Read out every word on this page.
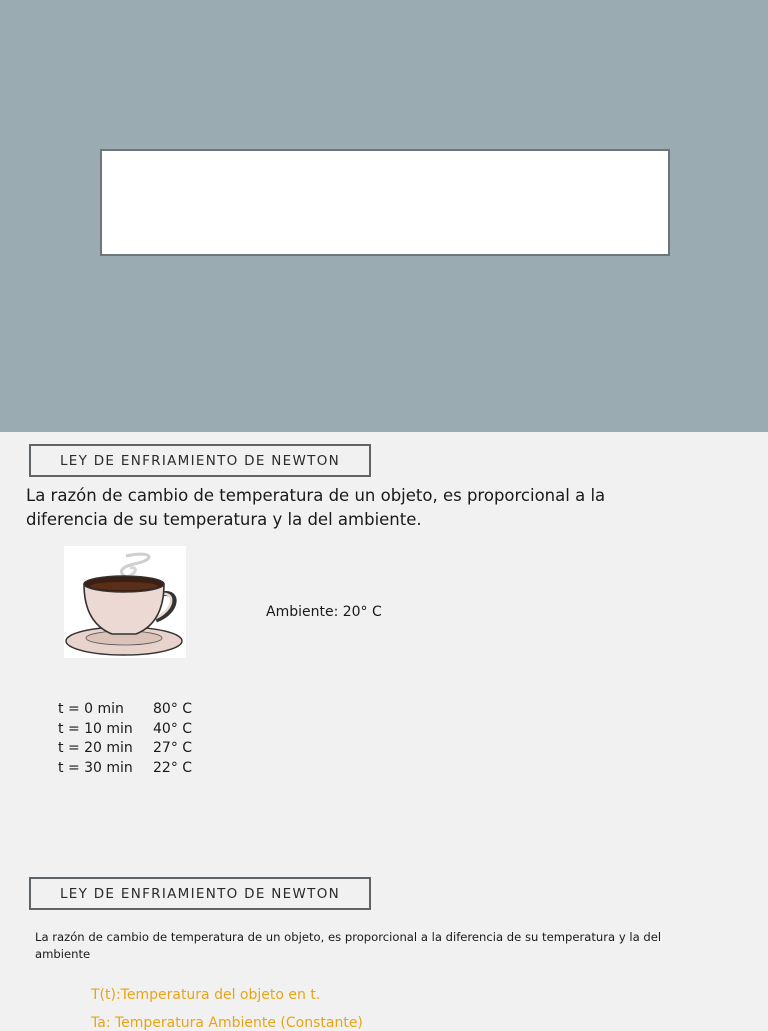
LEY DE ENFRIAMIENTO DE NEWTON
La razón de cambio de temperatura de un objeto, es proporcional a la diferencia de su temperatura y la del ambiente.
Ambiente: 20° C
t = 0 min 80° C
t = 10 min 40° C
t = 20 min 27° C
t = 30 min 22° C
LEY DE ENFRIAMIENTO DE NEWTON
La razón de cambio de temperatura de un objeto, es proporcional a la diferencia de su temperatura y la del ambiente
T(t):Temperatura del objeto en t.
Ta: Temperatura Ambiente (Constante)
